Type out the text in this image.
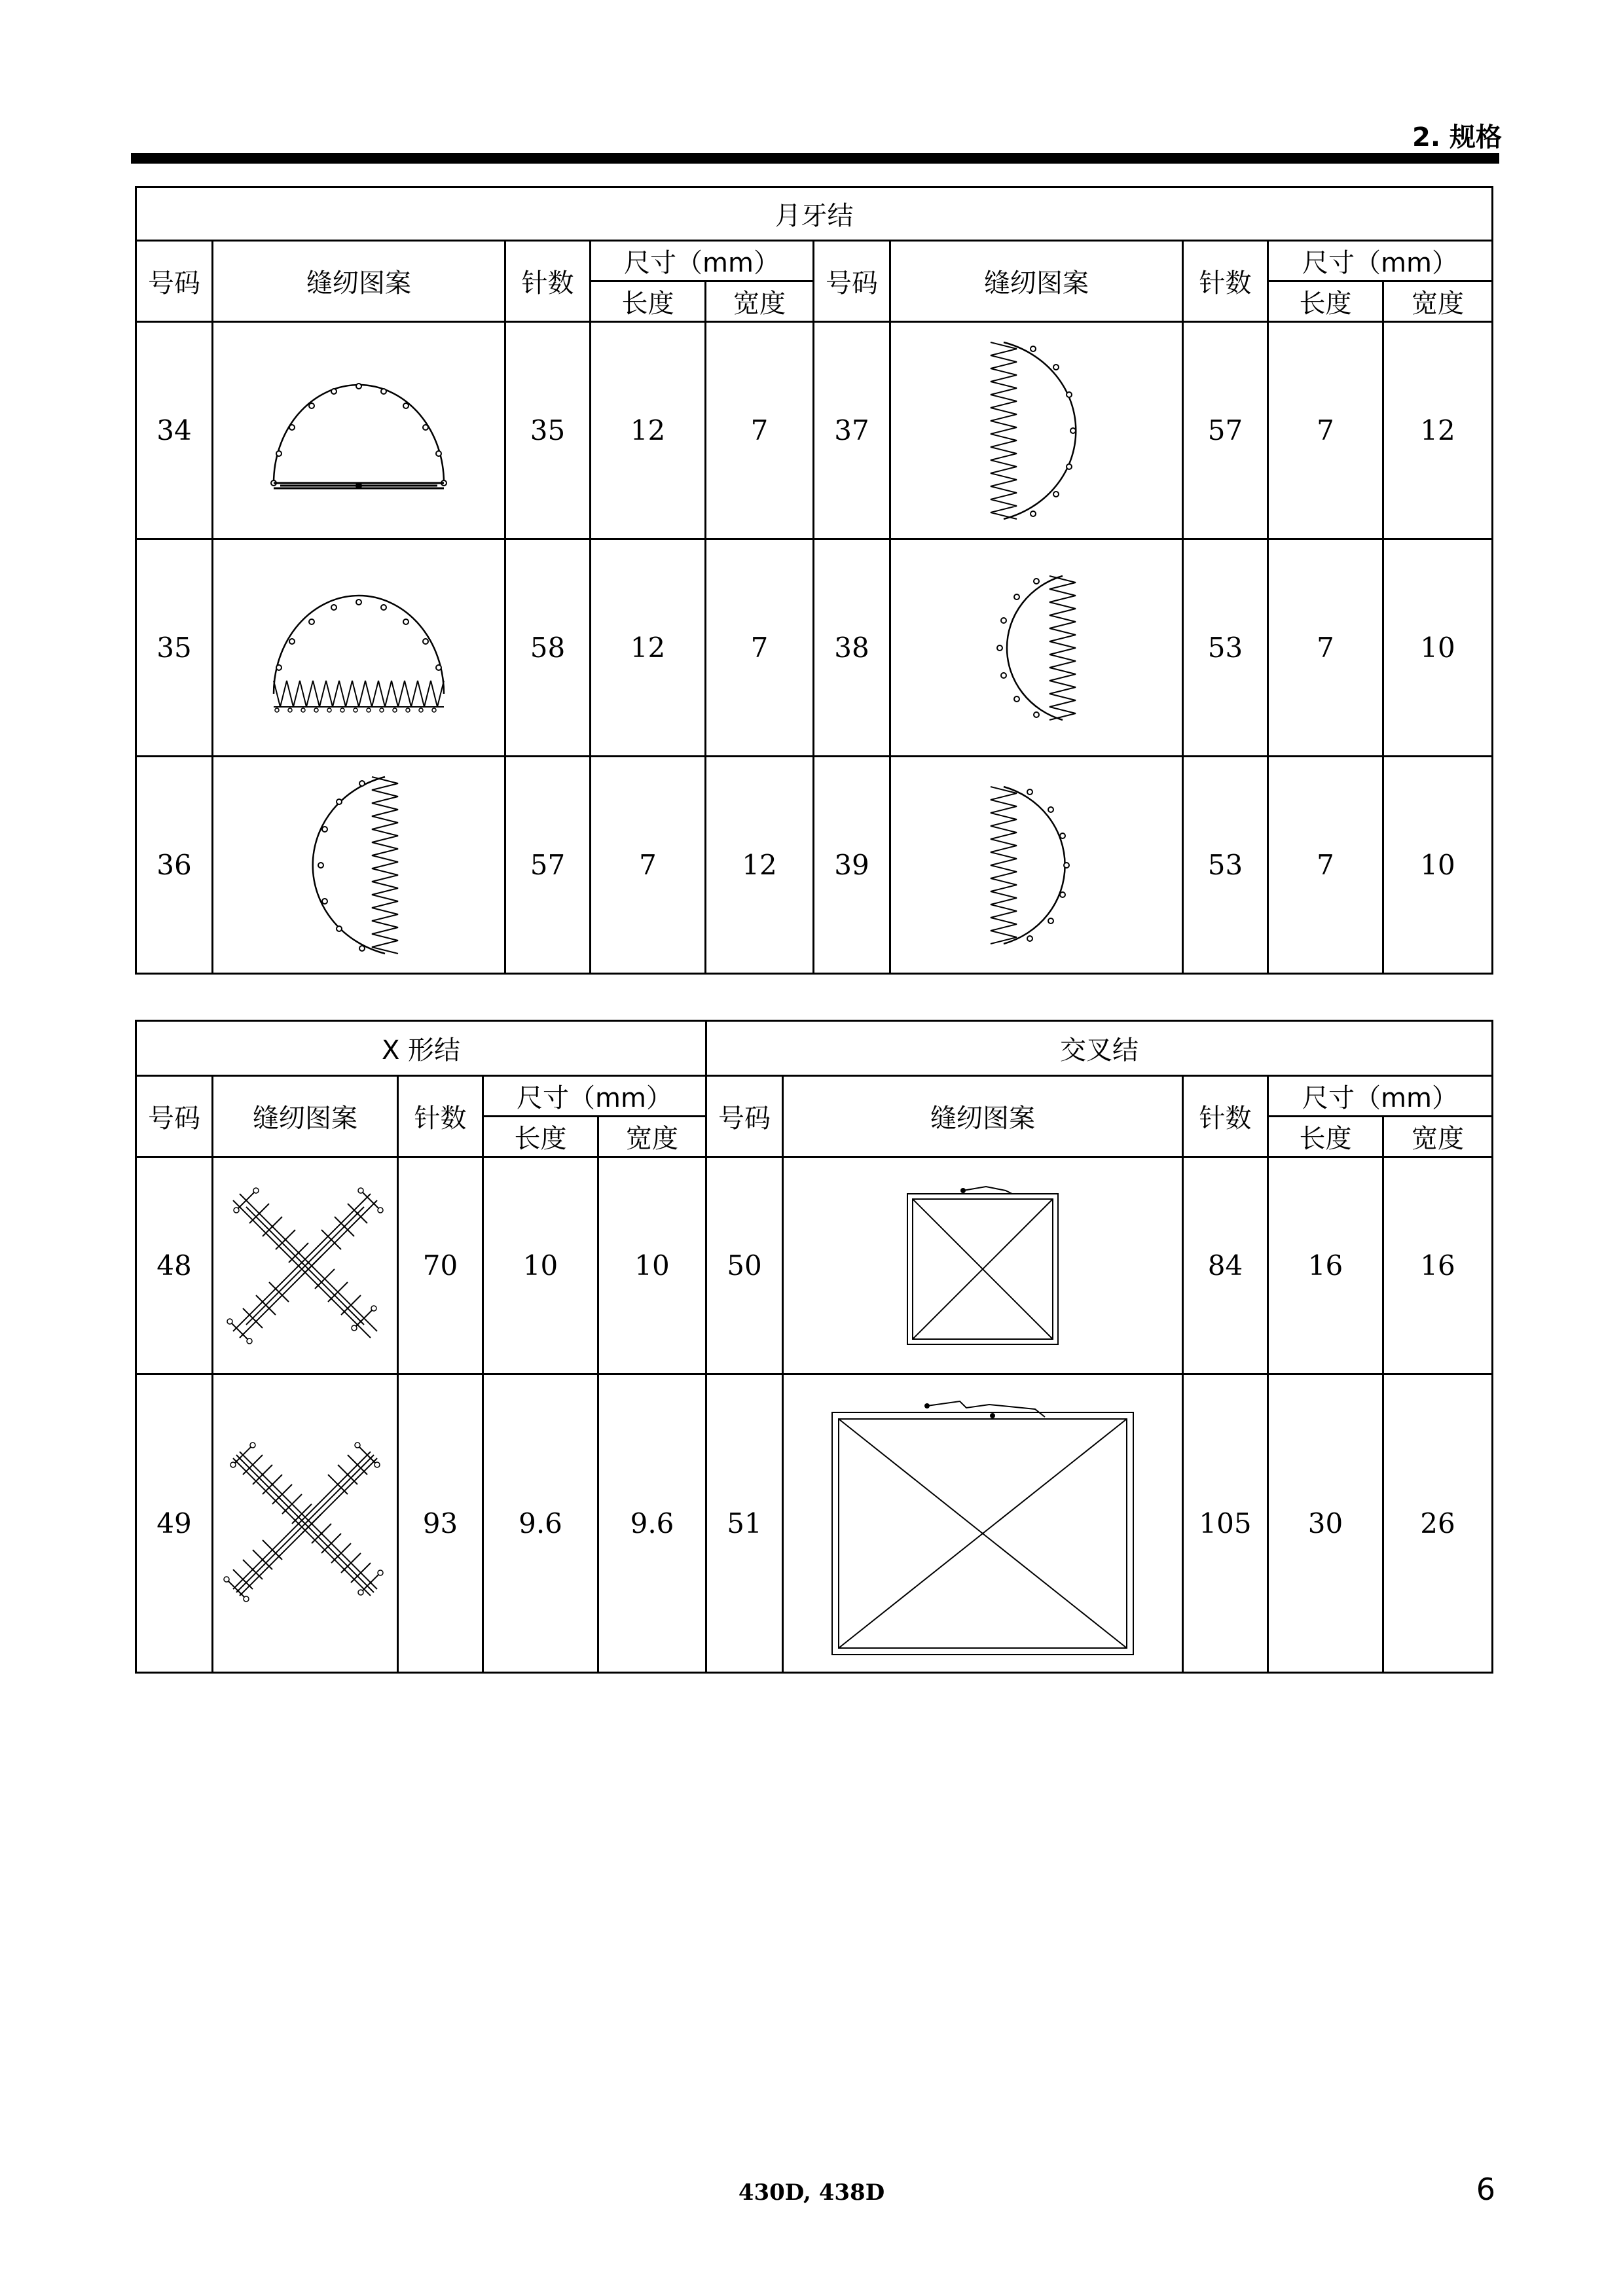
2. 规格
月牙结									
号码	缝纫图案	针数	尺寸（mm）		号码	缝纫图案	针数	尺寸（mm）	
			长度	宽度				长度	宽度
34		35	12	7	37		57	7	12
35		58	12	7	38		53	7	10
36		57	7	12	39		53	7	10
X 形结					交叉结				
号码	缝纫图案	针数	尺寸（mm）		号码	缝纫图案	针数	尺寸（mm）	
			长度	宽度				长度	宽度
48		70	10	10	50		84	16	16
49		93	9.6	9.6	51		105	30	26
430D, 438D	6
